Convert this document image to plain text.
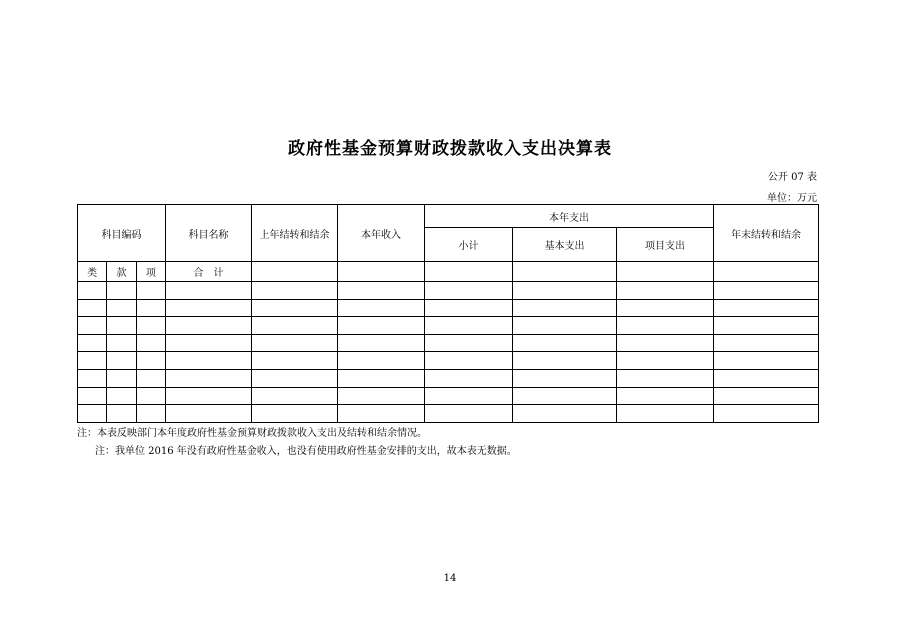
政府性基金预算财政拨款收入支出决算表
公开 07 表
单位：万元
科目编码	科目名称	上年结转和结余	本年收入	本年支出			年末结转和结余
				小计	基本支出	项目支出	

类 款 项	合　计						

注：本表反映部门本年度政府性基金预算财政拨款收入支出及结转和结余情况。
注：我单位 2016 年没有政府性基金收入，也没有使用政府性基金安排的支出，故本表无数据。
14
